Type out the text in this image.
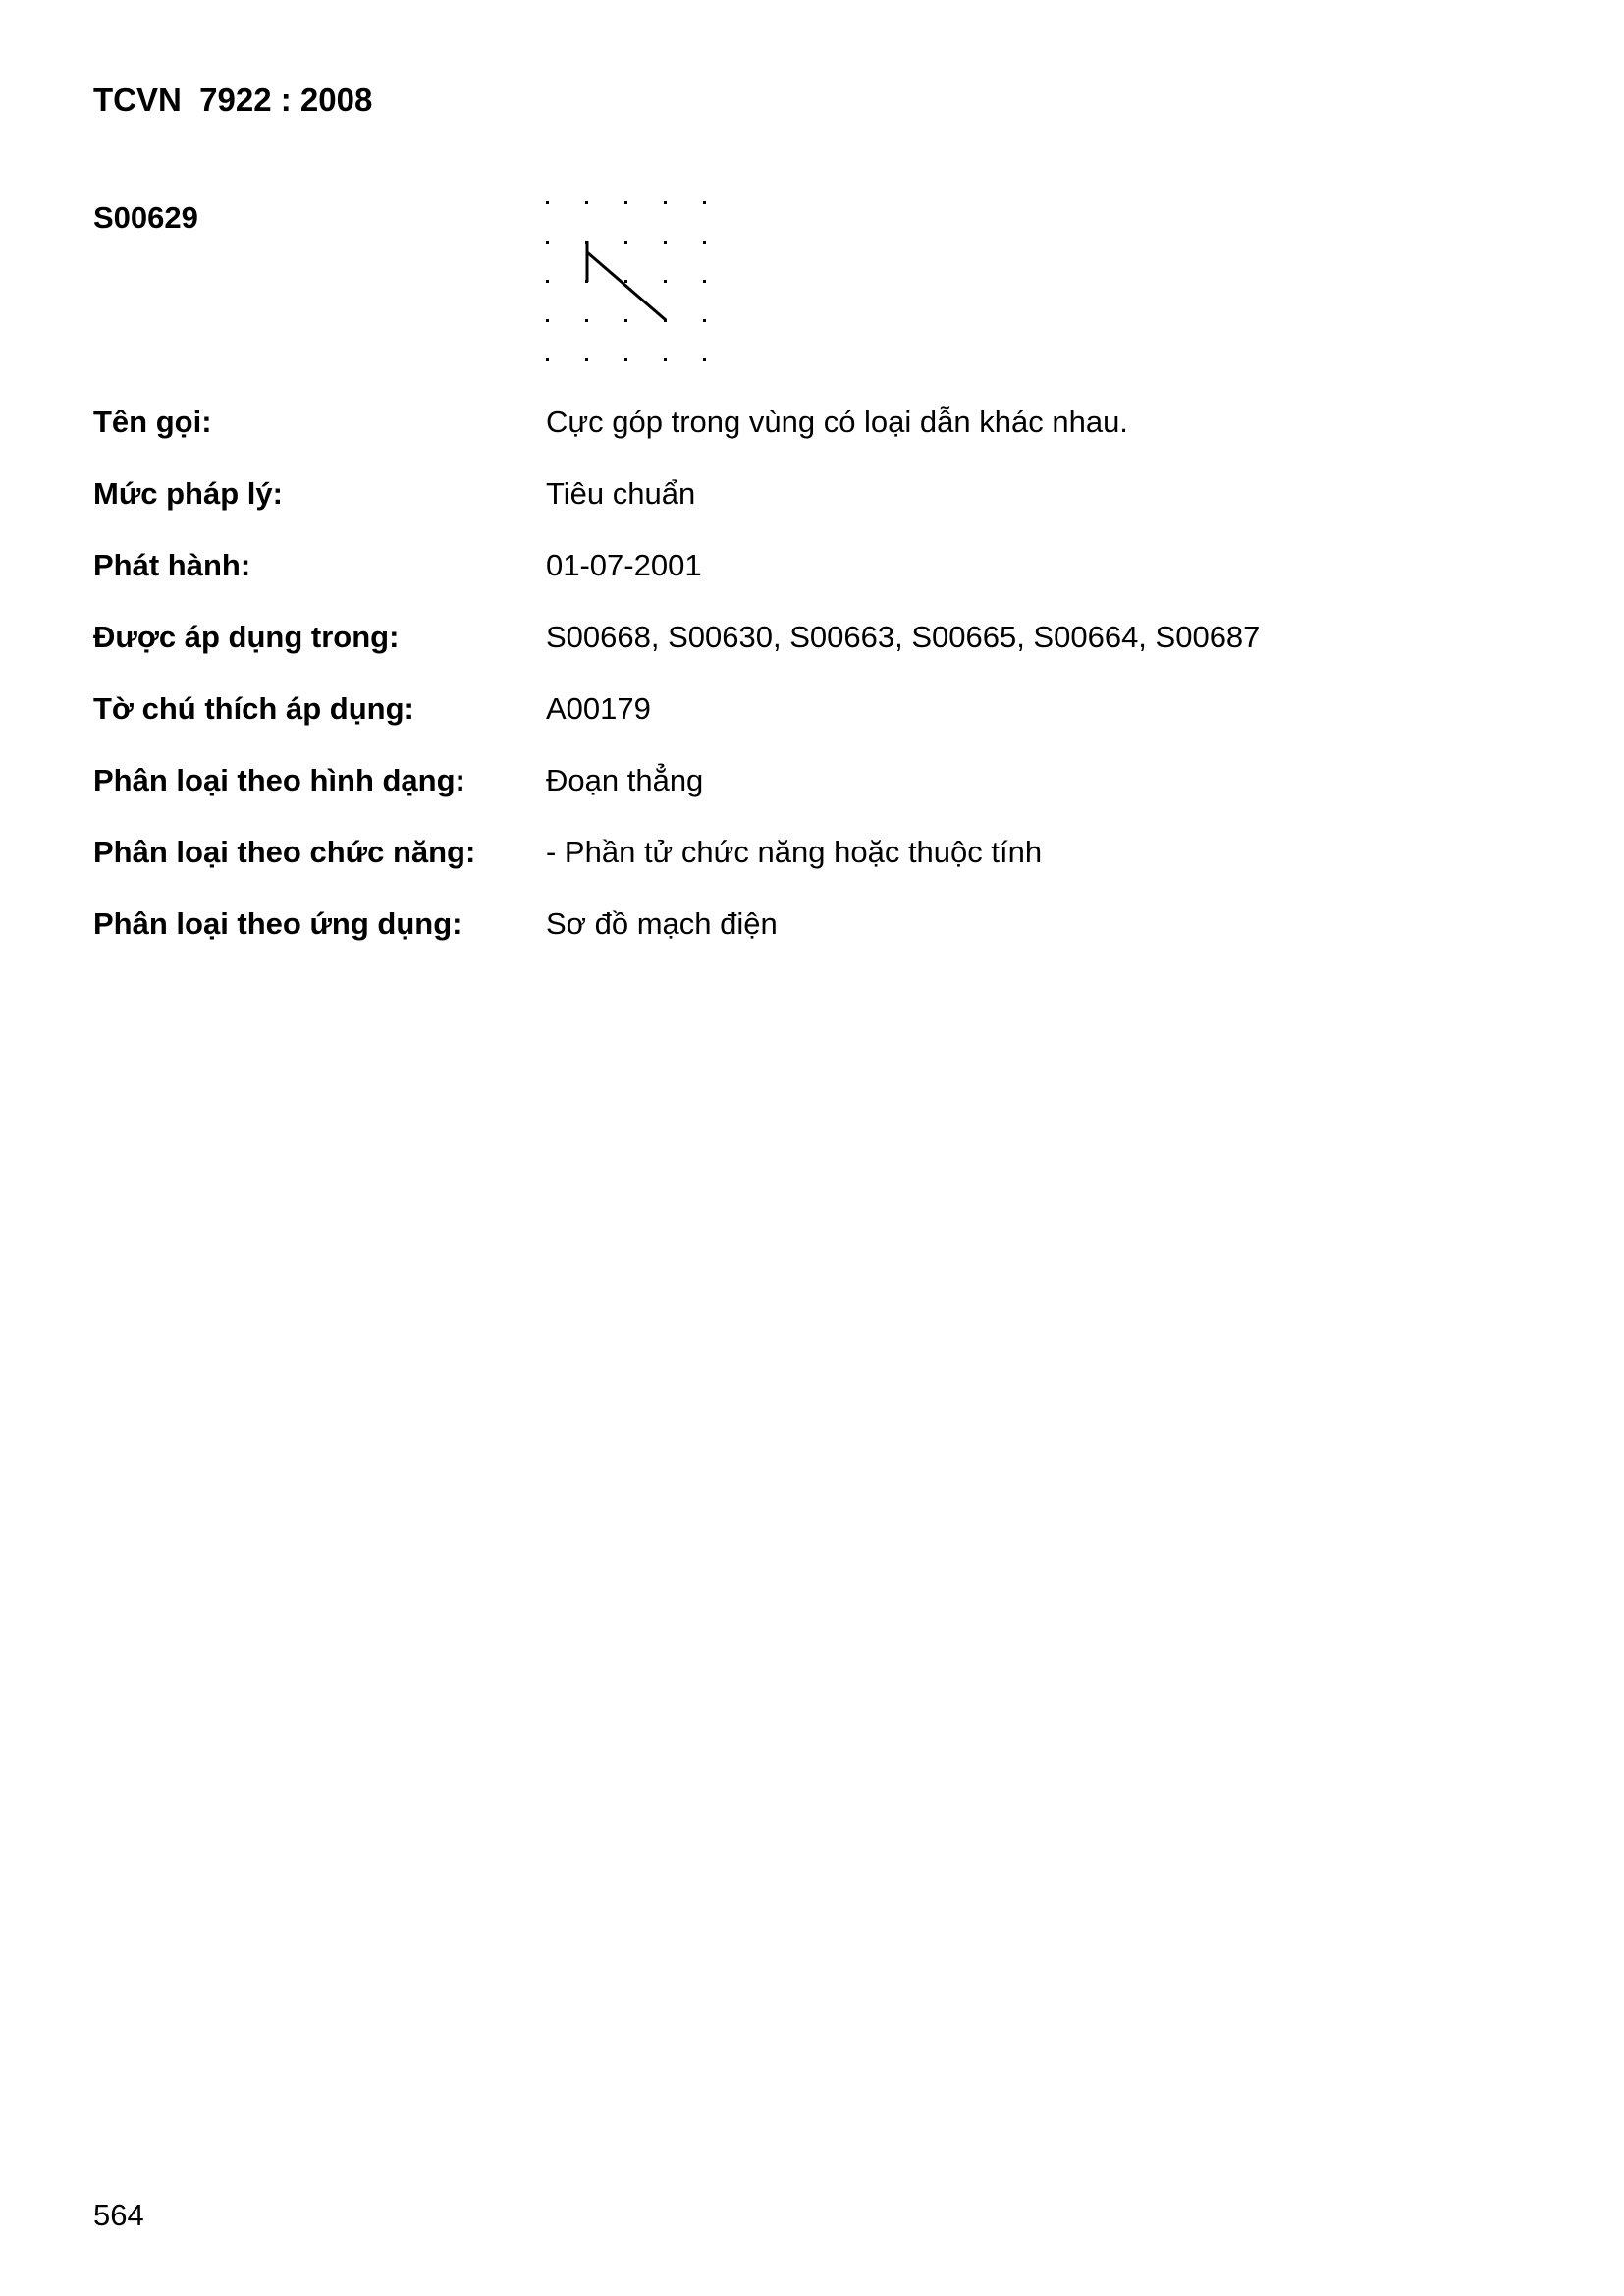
TCVN  7922 : 2008
S00629
Tên gọi:	Cực góp trong vùng có loại dẫn khác nhau.
Mức pháp lý:	Tiêu chuẩn
Phát hành:	01-07-2001
Được áp dụng trong:	S00668, S00630, S00663, S00665, S00664, S00687
Tờ chú thích áp dụng:	A00179
Phân loại theo hình dạng:	Đoạn thẳng
Phân loại theo chức năng: - Phần tử chức năng hoặc thuộc tính
Phân loại theo ứng dụng:	Sơ đồ mạch điện
564
